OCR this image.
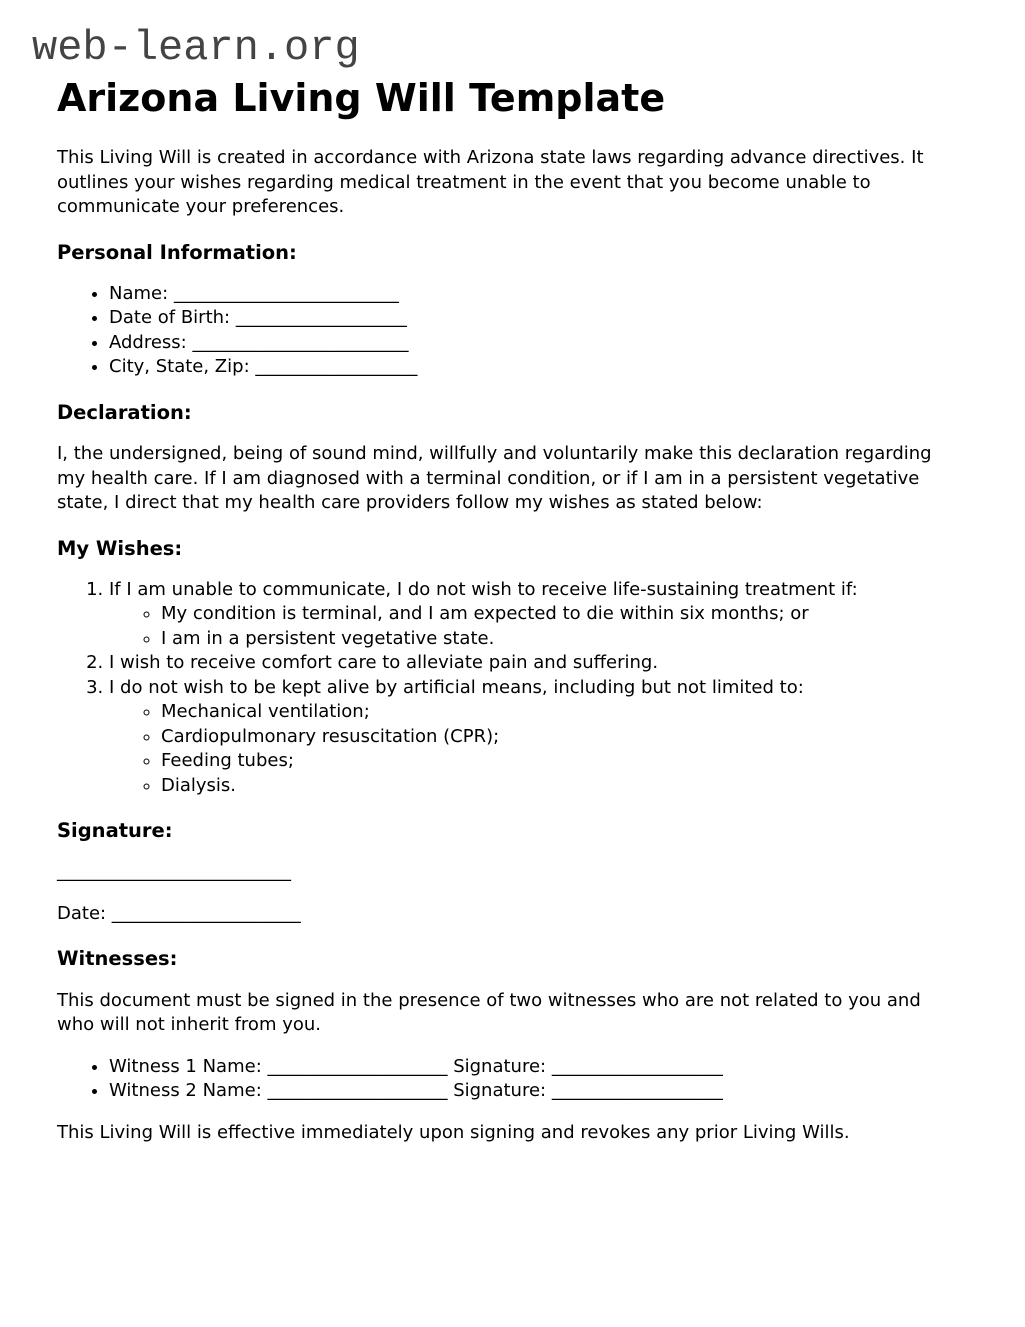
web-learn.org
Arizona Living Will Template

This Living Will is created in accordance with Arizona state laws regarding advance directives. It outlines your wishes regarding medical treatment in the event that you become unable to communicate your preferences.

Personal Information:
• Name: _________________________
• Date of Birth: ___________________
• Address: ________________________
• City, State, Zip: __________________
Declaration:

I, the undersigned, being of sound mind, willfully and voluntarily make this declaration regarding my health care. If I am diagnosed with a terminal condition, or if I am in a persistent vegetative state, I direct that my health care providers follow my wishes as stated below:

My Wishes:
1. If I am unable to communicate, I do not wish to receive life-sustaining treatment if:
◦ My condition is terminal, and I am expected to die within six months; or
◦ I am in a persistent vegetative state.
2. I wish to receive comfort care to alleviate pain and suffering.
3. I do not wish to be kept alive by artificial means, including but not limited to:
◦ Mechanical ventilation;
◦ Cardiopulmonary resuscitation (CPR);
◦ Feeding tubes;
◦ Dialysis.
Signature:

__________________________

Date: _____________________

Witnesses:

This document must be signed in the presence of two witnesses who are not related to you and who will not inherit from you.

• Witness 1 Name: ____________________ Signature: ___________________
• Witness 2 Name: ____________________ Signature: ___________________

This Living Will is effective immediately upon signing and revokes any prior Living Wills.
